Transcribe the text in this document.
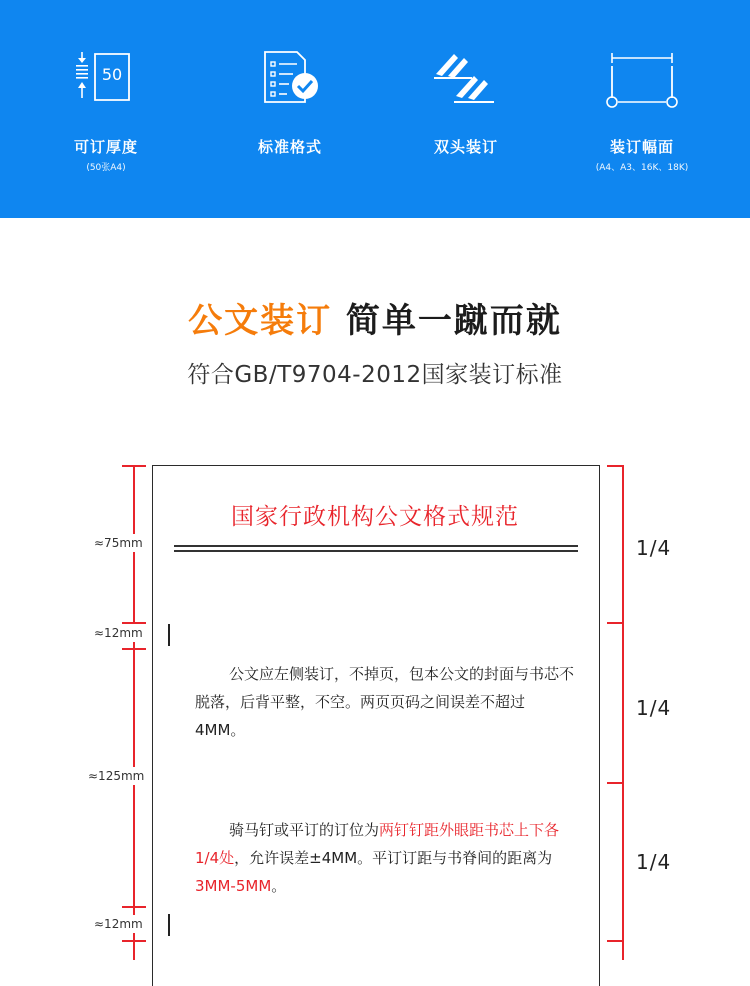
50
可订厚度
(50张A4)
标准格式	双头装订	装订幅面
(A4、A3、16K、18K)
公文装订 简单一蹴而就
符合GB/T9704-2012国家装订标准
≈75mm
≈12mm
≈125mm
≈12mm
国家行政机构公文格式规范
公文应左侧装订，不掉页，包本公文的封面与书芯不脱落，后背平整，不空。两页页码之间误差不超过4MM。
骑马钉或平订的订位为两钉钉距外眼距书芯上下各1/4处，允许误差±4MM。平订订距与书脊间的距离为3MM-5MM。
1/4
1/4
1/4
